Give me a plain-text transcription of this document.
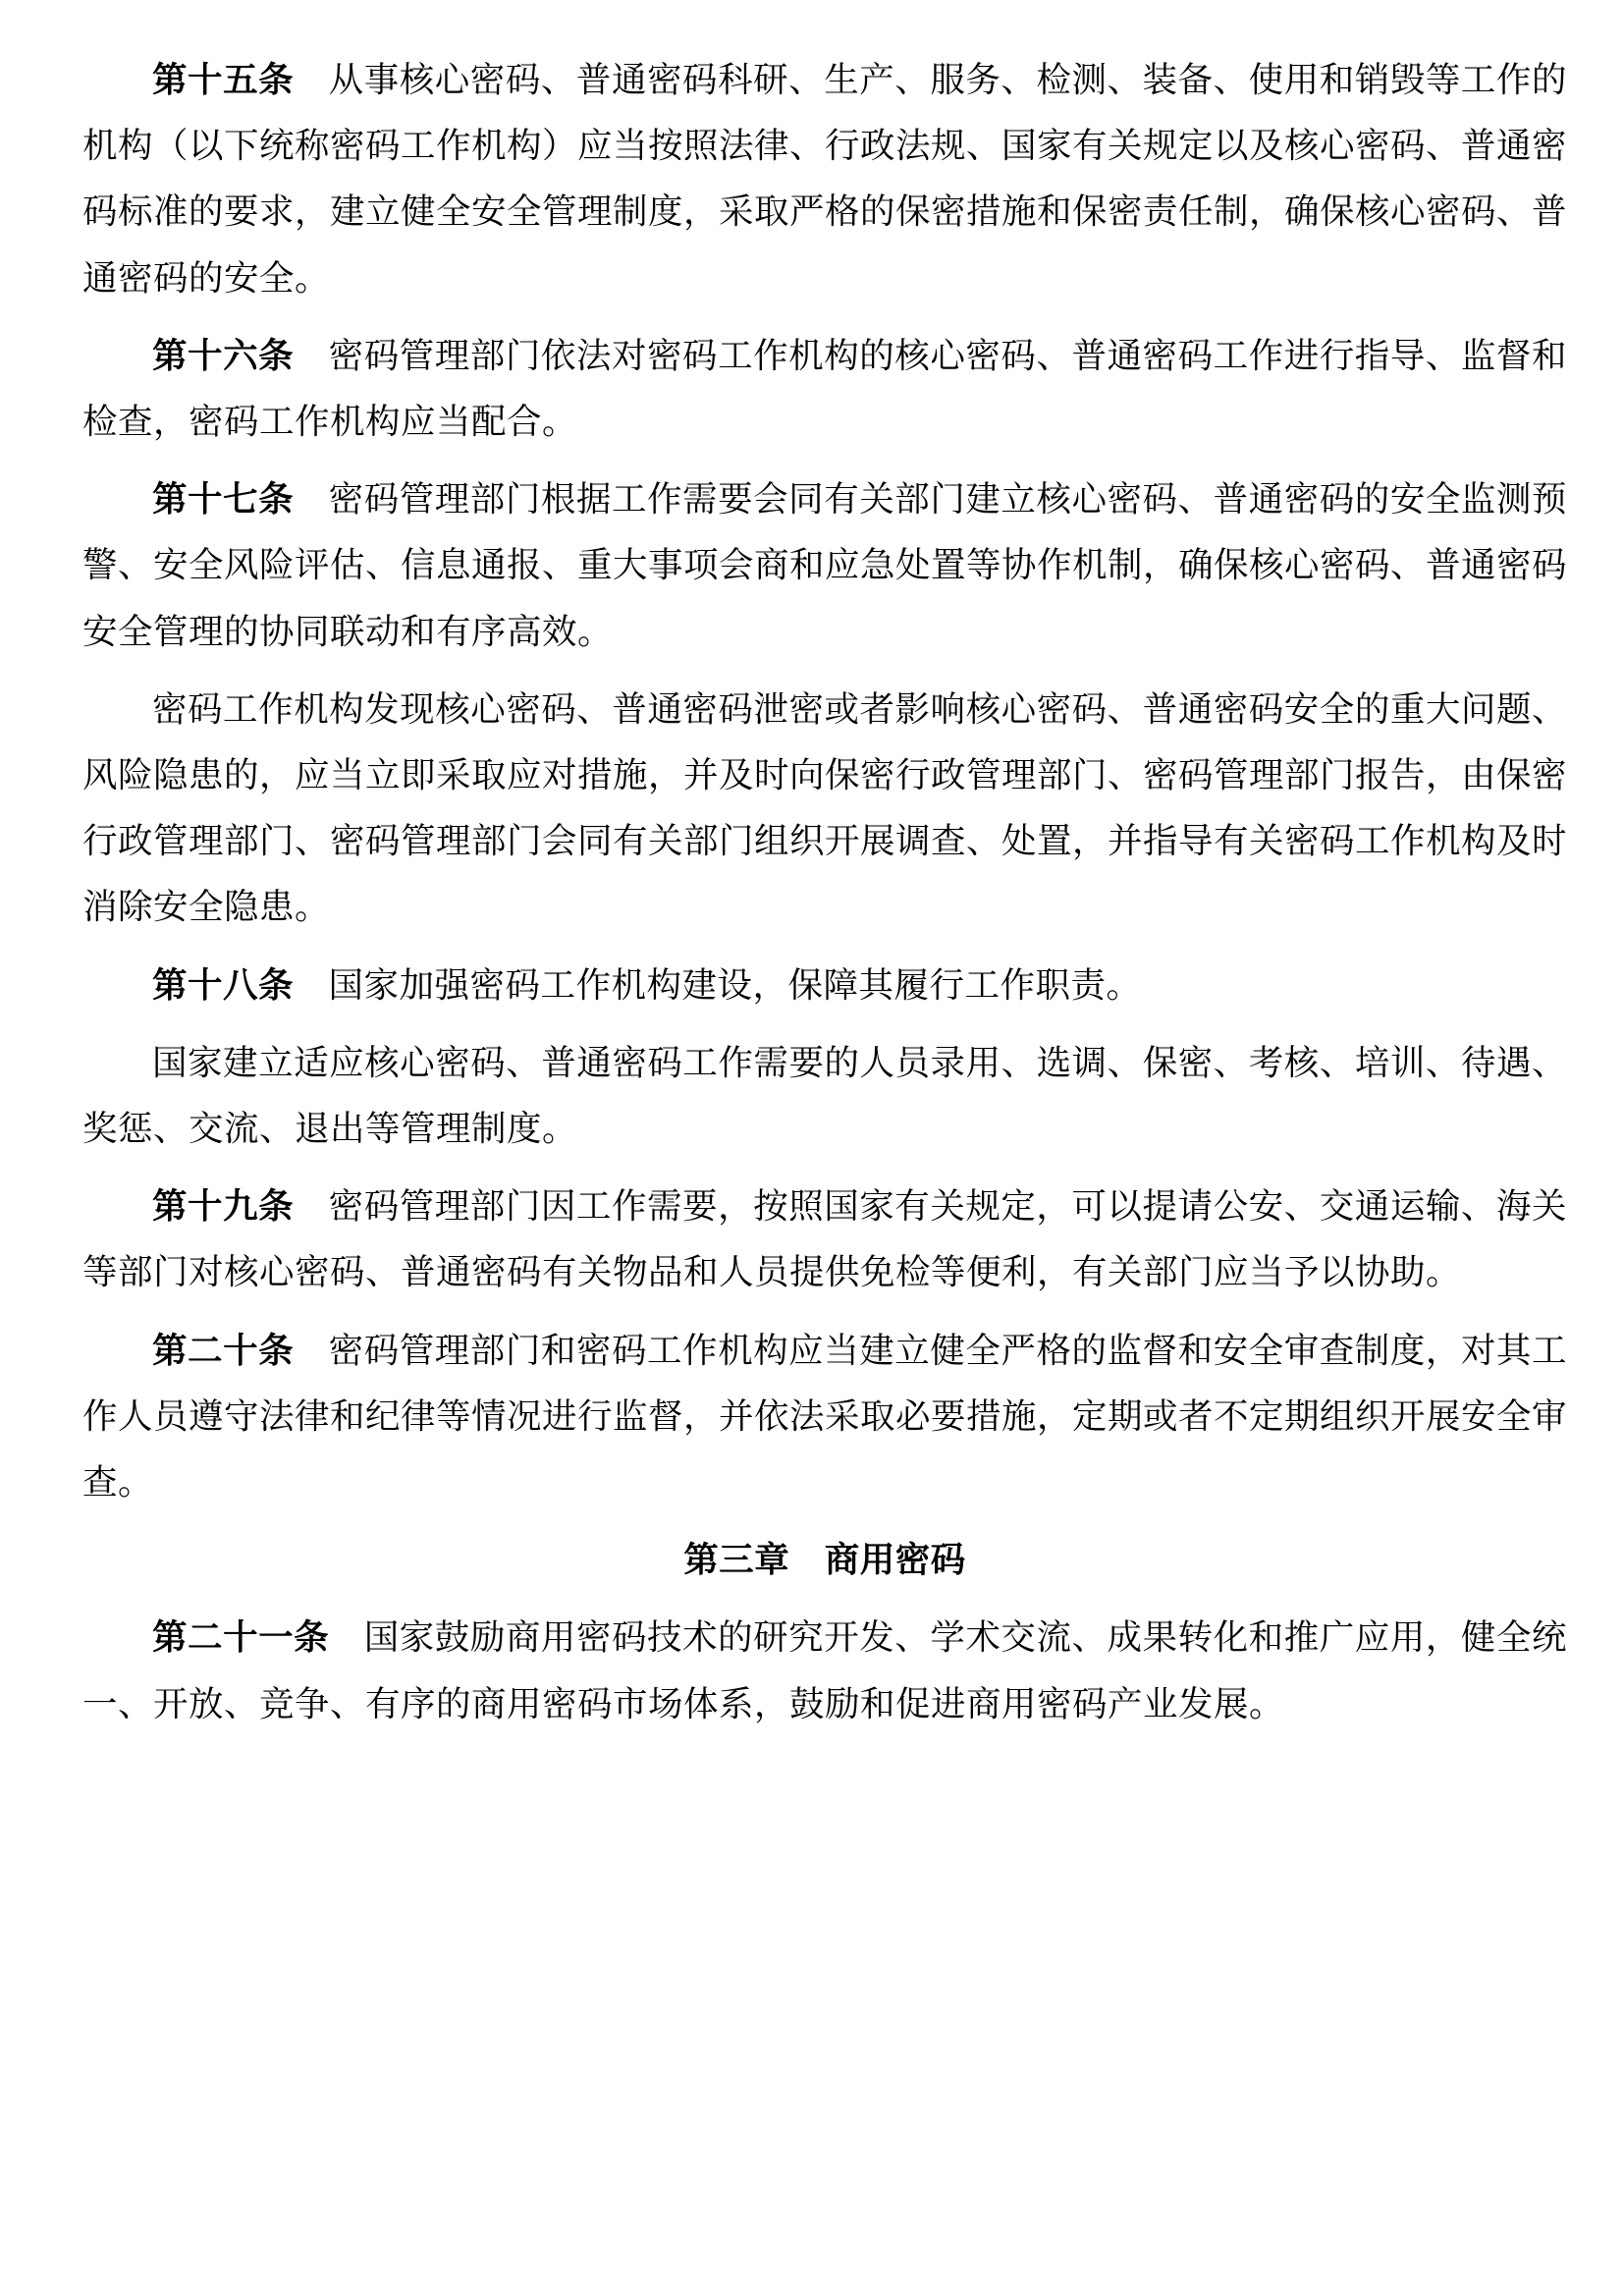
第十五条 从事核心密码、普通密码科研、生产、服务、检测、装备、使用和销毁等工作的机构（以下统称密码工作机构）应当按照法律、行政法规、国家有关规定以及核心密码、普通密码标准的要求，建立健全安全管理制度，采取严格的保密措施和保密责任制，确保核心密码、普通密码的安全。

第十六条 密码管理部门依法对密码工作机构的核心密码、普通密码工作进行指导、监督和检查，密码工作机构应当配合。

第十七条 密码管理部门根据工作需要会同有关部门建立核心密码、普通密码的安全监测预警、安全风险评估、信息通报、重大事项会商和应急处置等协作机制，确保核心密码、普通密码安全管理的协同联动和有序高效。

密码工作机构发现核心密码、普通密码泄密或者影响核心密码、普通密码安全的重大问题、风险隐患的，应当立即采取应对措施，并及时向保密行政管理部门、密码管理部门报告，由保密行政管理部门、密码管理部门会同有关部门组织开展调查、处置，并指导有关密码工作机构及时消除安全隐患。

第十八条 国家加强密码工作机构建设，保障其履行工作职责。

国家建立适应核心密码、普通密码工作需要的人员录用、选调、保密、考核、培训、待遇、奖惩、交流、退出等管理制度。

第十九条 密码管理部门因工作需要，按照国家有关规定，可以提请公安、交通运输、海关等部门对核心密码、普通密码有关物品和人员提供免检等便利，有关部门应当予以协助。

第二十条 密码管理部门和密码工作机构应当建立健全严格的监督和安全审查制度，对其工作人员遵守法律和纪律等情况进行监督，并依法采取必要措施，定期或者不定期组织开展安全审查。

第三章 商用密码

第二十一条 国家鼓励商用密码技术的研究开发、学术交流、成果转化和推广应用，健全统一、开放、竞争、有序的商用密码市场体系，鼓励和促进商用密码产业发展。
